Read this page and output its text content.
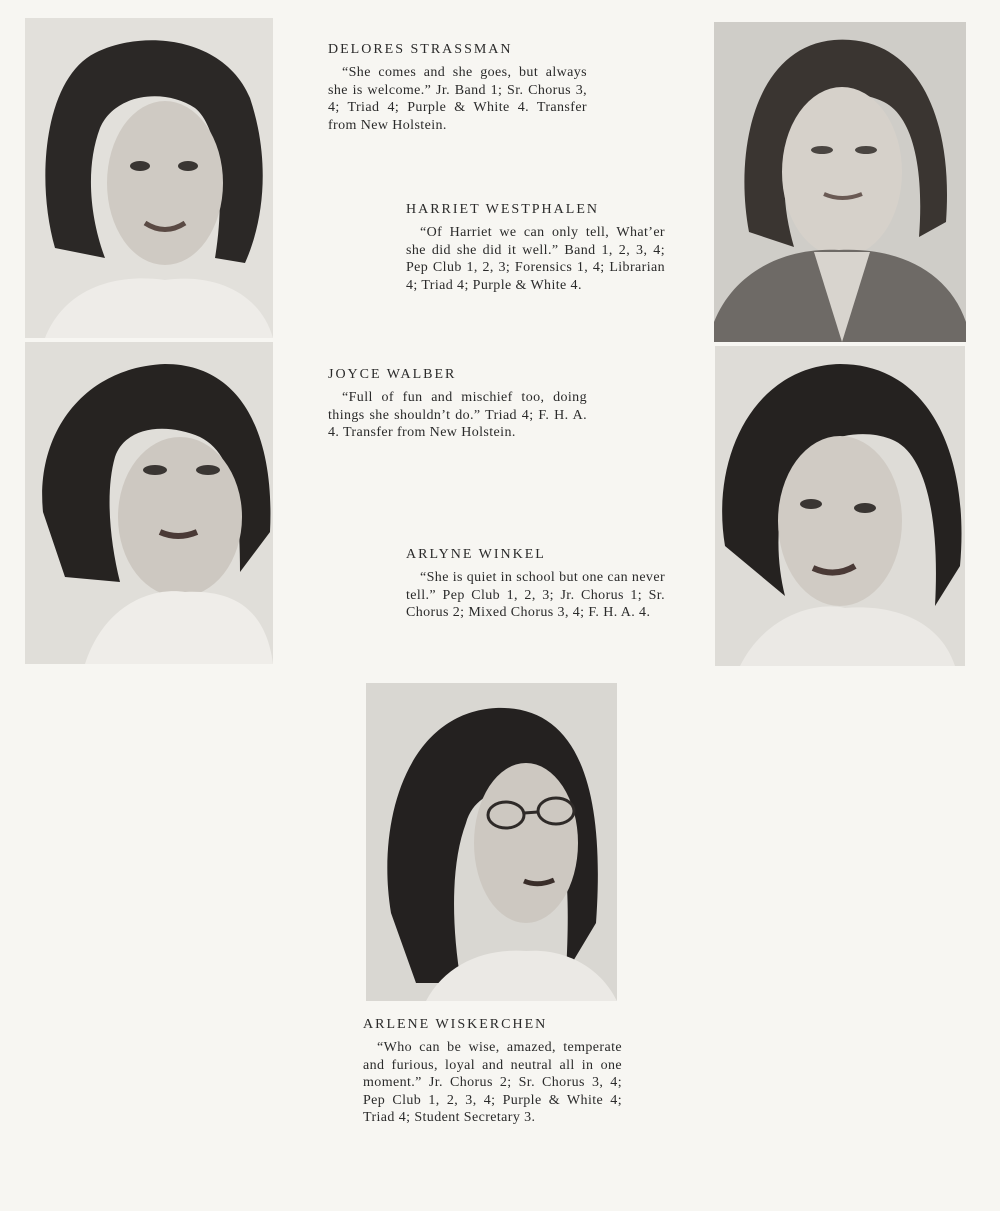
DELORES STRASSMAN

“She comes and she goes, but always she is welcome.” Jr. Band 1; Sr. Chorus 3, 4; Triad 4; Purple & White 4. Transfer from New Holstein.

HARRIET WESTPHALEN

“Of Harriet we can only tell, What’er she did she did it well.” Band 1, 2, 3, 4; Pep Club 1, 2, 3; Forensics 1, 4; Librarian 4; Triad 4; Purple & White 4.

JOYCE WALBER

“Full of fun and mischief too, doing things she shouldn’t do.” Triad 4; F. H. A. 4. Transfer from New Holstein.

ARLYNE WINKEL

“She is quiet in school but one can never tell.” Pep Club 1, 2, 3; Jr. Chorus 1; Sr. Chorus 2; Mixed Chorus 3, 4; F. H. A. 4.

ARLENE WISKERCHEN

“Who can be wise, amazed, temperate and furious, loyal and neutral all in one moment.” Jr. Chorus 2; Sr. Chorus 3, 4; Pep Club 1, 2, 3, 4; Purple & White 4; Triad 4; Student Secretary 3.
